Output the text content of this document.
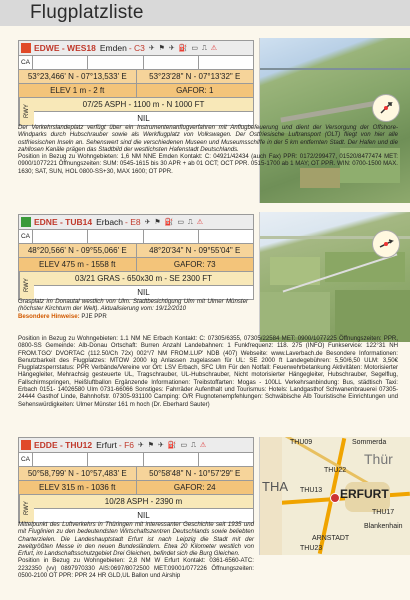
Flugplatzliste
THU09	Sommerda
Thür
THU22
THA THU13 ERFURT
THU17
Blankenhain
ARNSTADT
THU23
EDWE - WES18 Emden - C3 ✈ ⚑ ✈ ⛽ ▭ ⎍ ⚠
CA
53°23,466' N - 07°13,533' E	53°23'28" N - 07°13'32" E
ELEV 1 m - 2 ft	GAFOR: 1
RWY
07/25 ASPH - 1100 m - N 1000 FT
NIL
Der Verkehrslandeplatz verfügt über ein Instrumentenanflugverfahren mit Anflugbefeuerung und dient der Versorgung der Offshore-Windparks durch Hubschrauber sowie als Werkflugplatz von Volkswagen. Der Ostfriesische Luftransport (OLT) fliegt von hier alle ostfriesischen Inseln an. Sehenswert sind die verschiedenen Museen und Museumsschiffe in der 5 km entfernten Stadt. Der Hafen und die zahllosen Kanäle prägen das Stadtbild der westlichsten Hafenstadt Deutschlands.
Position in Bezug zu Wohngebieten: 1,6 NM NNE Emden Kontakt: C: 04921/42434 (auch Fax) PPR: 0172/299477, 01520/8477474 MET: 0900/1077221 Öffnungszeiten: SUM: 0545-1615 bis 30 APR + ab 01 OCT; OCT PPR. 0515-1700 ab 1 MAY; OT PPR. WIN: 0700-1500 MAX. 1630; SAT, SUN, HOL 0800-SS+30, MAX 1600; OT PPR.
EDNE - TUB14 Erbach - E8 ✈ ⚑ ⛽ ▭ ⎍ ⚠
CA
48°20,566' N - 09°55,066' E	48°20'34" N - 09°55'04" E
ELEV 475 m - 1558 ft	GAFOR: 73
RWY
03/21 GRAS - 650x30 m - SE 2300 FT
NIL
Grasplatz im Donautal westlich von Ulm. Stadtbesichtigung Ulm mit Ulmer Münster (höchster Kirchturm der Welt). Aktualisierung vom: 19/12/2010
Besondere Hinweise: PJE PPR
Position in Bezug zu Wohngebieten: 1.1 NM NE Erbach Kontakt: C: 07305/6355, 07305/22584 MET: 0900/1077225 Öffnungszeiten: PPR, 0800-SS Gemeinde: Alb-Donau Ortschaft: Burren Anzahl Landebahnen: 1 Funkfrequenz: 118. 275 (INFO) Funkservice: 122°31 NH FROM.TGO' DVORTAC (112.50/Ch 72x) 002°/7 NM FROM.LUP' NDB (407) Webseite: www.Laverbach.de Besondere Informationen: Benutzbarkeit des Flugplatzes: MTOW 2000 kg Anlassen zugelassen für UL: SE 2000 ft Landegebühren: 5,50/6,50 ULM: 3,50€ Flugplatzsperrstatus: PPR Verbände/Vereine vor Ort: LSV Erbach, SFC Ulm Für den Notfall: Feuerwehrbetankung Aktivitäten: Motorisierter Hängegleiter, Mehrachsig gesteuerte UL, Tragschrauber, UL-Hubschrauber, Nicht motorisierter Hängegleiter, Hubschrauber, Segelflug, Fallschirmspringen, Heißluftballon Ergänzende Informationen: Treibstoffarten: Mogas - 100LL Verkehrsanbindung: Bus, städtisch Taxi: Erbach 0151- 14026580 Ulm 0731-66066 Sonstiges: Fahrräder Aufenthalt und Tourismus: Hotels: Landgasthof Schwanenbrauerei 07305-24444 Gasthof Linde, Bahnhofstr. 07305-931100 Camping: O/R Flugnotenempfehlungen: Schwäbische Alb Touristische Einrichtungen und Sehenswürdigkeiten: Ulmer Münster 161 m hoch (Dr. Eberhard Sauter)
EDDE - THU12 Erfurt - F6 ✈ ⚑ ✈ ⛽ ▭ ⎍ ⚠
CA
50°58,799' N - 10°57,483' E	50°58'48" N - 10°57'29" E
ELEV 315 m - 1036 ft	GAFOR: 24
RWY
10/28 ASPH - 2390 m
NIL
Mittelpunkt des Luftverkehrs in Thüringen mit interessanter Geschichte seit 1935 und mit Fluglinien zu den bedeutendsten Wirtschaftszentren Deutschlands sowie beliebten Charterzielen. Die Landeshauptstadt Erfurt ist nach Leipzig die Stadt mit der zweitgrößten Messe in den neuen Bundesländern. Etwa 20 Kilometer westlich von Erfurt, im Landschaftsschutzgebiet Drei Gleichen, befindet sich die Burg Gleichen.
Position in Bezug zu Wohngebieten: 2,8 NM W Erfurt Kontakt: 0361-6560-ATC: 2232350 (vv) 0897970330 AIS:0697/8072500 MET:09001/077226 Öffnungszeiten: 0500-2100 OT PPR: PPR 24 HR GLD,UL Ballon und Airship
